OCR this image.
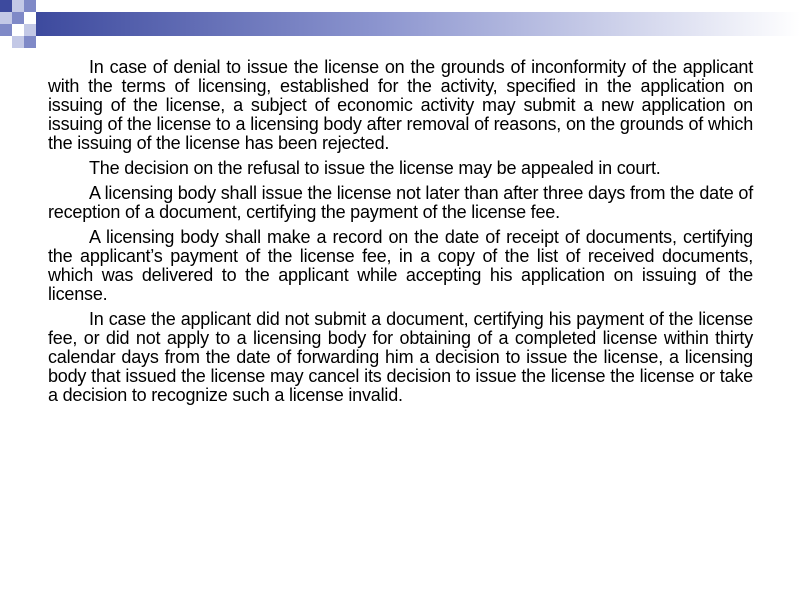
In case of denial to issue the license on the grounds of inconformity of the applicant with the terms of licensing, established for the activity, specified in the application on issuing of the license, a subject of economic activity may submit a new application on issuing of the license to a licensing body after removal of reasons, on the grounds of which the issuing of the license has been rejected.

The decision on the refusal to issue the license may be appealed in court.

A licensing body shall issue the license not later than after three days from the date of reception of a document, certifying the payment of the license fee.

A licensing body shall make a record on the date of receipt of documents, certifying the applicant’s payment of the license fee, in a copy of the list of received documents, which was delivered to the applicant while accepting his application on issuing of the license.

In case the applicant did not submit a document, certifying his payment of the license fee, or did not apply to a licensing body for obtaining of a completed license within thirty calendar days from the date of forwarding him a decision to issue the license, a licensing body that issued the license may cancel its decision to issue the license the license or take a decision to recognize such a license invalid.
